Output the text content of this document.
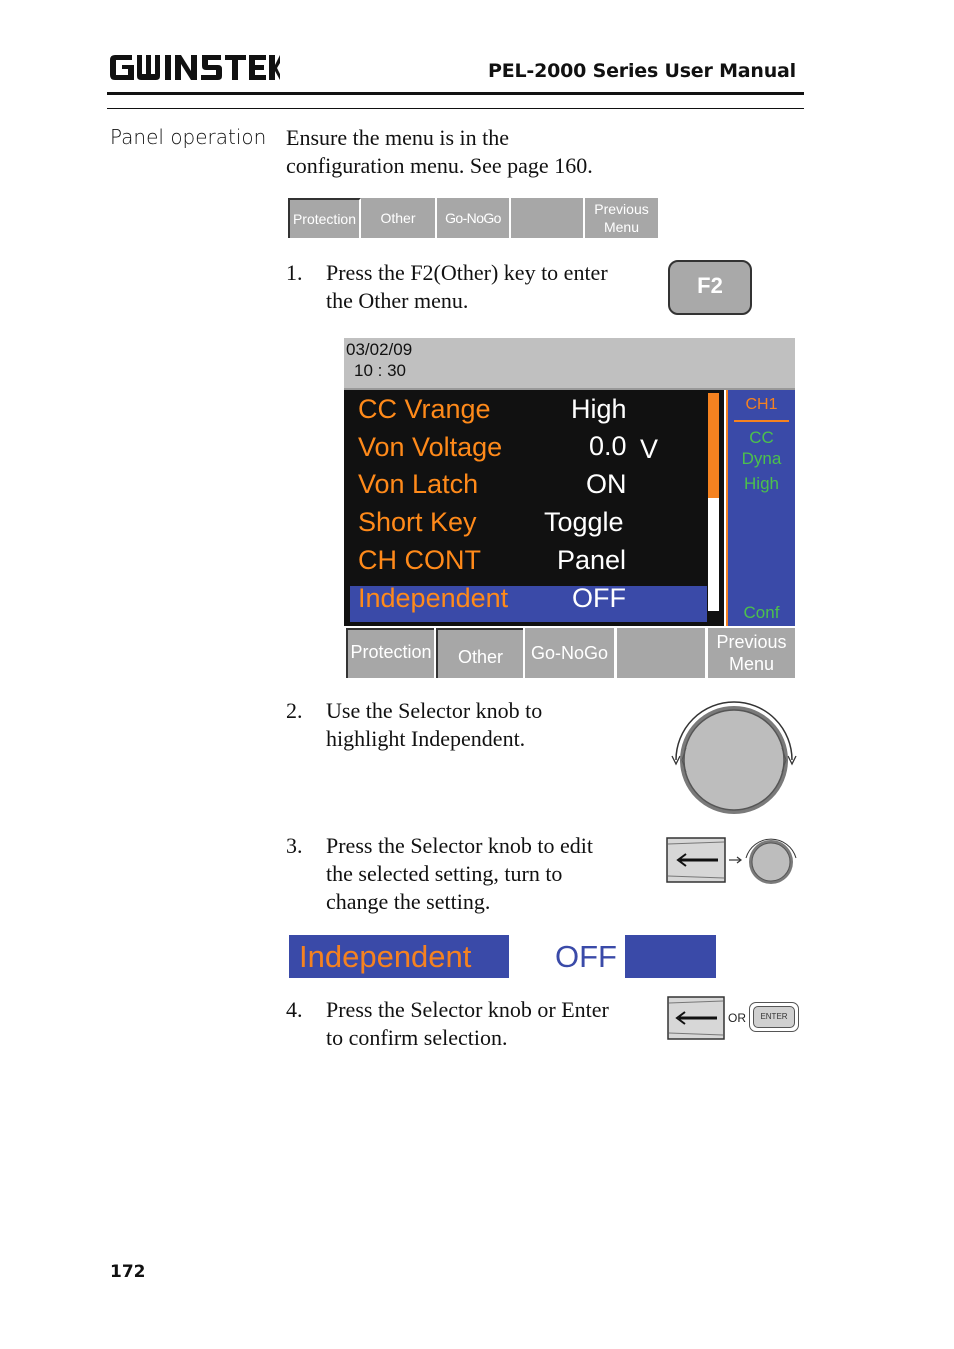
PEL-2000 Series User Manual
Panel operation Ensure the menu is in the
configuration menu. See page 160.
Protection	Other	Go-NoGo
Previous Menu
1. Press the F2(Other) key to enter
the Other menu.
F2
03/02/09
10 : 30
CC Vrange	High
Von Voltage	0.0 V
Von Latch	ON
Short Key Toggle
CH CONT	Panel
Independent OFF
CH1
CC
Dyna
High
Conf
Protection	Other	Go-NoGo
Previous Menu
2. Use the Selector knob to
highlight Independent.
3. Press the Selector knob to edit
the selected setting, turn to
change the setting.
Independent	OFF
4. Press the Selector knob or Enter
to confirm selection.
OR	ENTER
172
